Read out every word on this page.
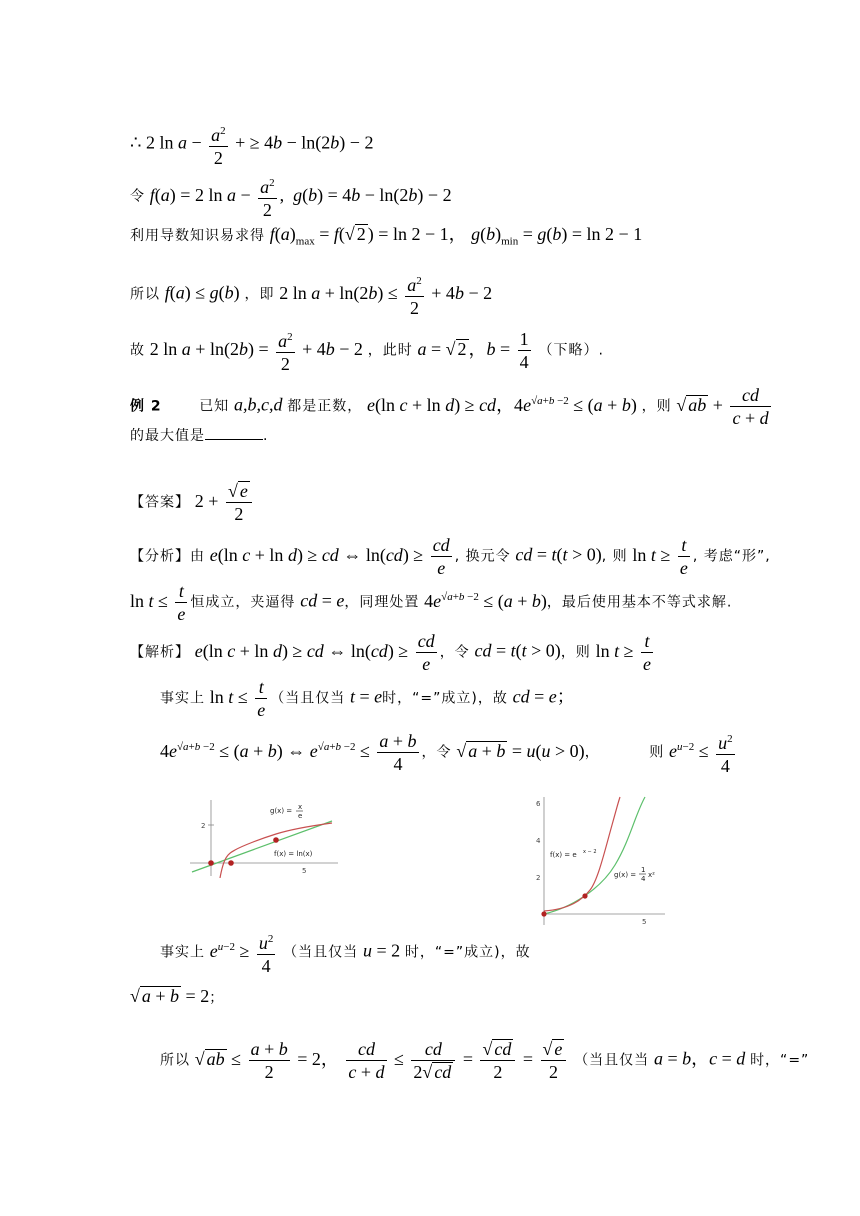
∴ 2 $\ln a - \frac{a^2}{2}$ + ≥ 4b − ln(2b) − 2
令 f(a) = 2 $\ln a - \frac{a^2}{2}$ ,  g(b) = 4b − ln(2b) − 2
利用导数知识易求得 $f(a)_{max} = f(√$ 2 ) = ln 2 − 1， $g(b)_{min} = g(b) = \ln 2 - 1$
所以 f(a) ≤ g(b) ，即 2 $\ln a + \ln(2b) \le \frac{a^2}{2} + 4b - 2$
故 2 $\ln a + \ln(2b) = \frac{a^2}{2} + 4b - 2$ ，此时 a = √ 2 ，$b = \frac{1}{4}$ （下略）.
例 2	已知 a,b,c,d 都是正数， e(ln c + ln d) ≥ cd，$4e^{√a+b -2} \le (a + b)$ ，则 √ ab + $\frac{cd}{c + d}$
的最大值是	.
【答案】 $2 + \frac{√ e}{2}$
【分析】由 e(ln c + ln d) ≥ cd ⇔ $\ln(cd) \ge \frac{cd}{e}$ , 换元令 cd = t(t > 0), 则 $\ln t \ge \frac{t}{e}$ , 考虑“形”,
$\ln t \le \frac{t}{e}$ 恒成立，夹逼得 cd = e，同理处置 $4e^{√a+b -2} \le (a + b)$，最后使用基本不等式求解.
【解析】 e(ln c + ln d) ≥ cd ⇔ $\ln(cd) \ge \frac{cd}{e}$ ，令 cd = t(t > 0)，则 $\ln t \ge \frac{t}{e}$
事实上 $\ln t \le \frac{t}{e}$ （当且仅当 t = e时，“=”成立)，故 cd = e；
$4e^{√a+b -2} \le (a + b)$ ⇔ $e^{√a+b -2} \le \frac{a + b}{4}$ ，令 √ a + b = u(u > 0)，	则 $e^{u-2} \le \frac{u^2}{4}$
2
5
g(x) = x
e
f(x) = ln(x)
6
4
2
5
f(x) = e x − 2
g(x) =
1
4 x²
事实上 $e^{u-2} \ge \frac{u^2}{4}$ （当且仅当 u = 2 时，“=”成立)，故
√ a + b = 2；
所以 √ ab ≤ $\frac{a + b}{2} = 2$， $\frac{cd}{c + d} \le \frac{cd}{2√ cd} = \frac{√ cd}{2} = \frac{√ e}{2}$ （当且仅当 a = b，c = d 时，“=”
